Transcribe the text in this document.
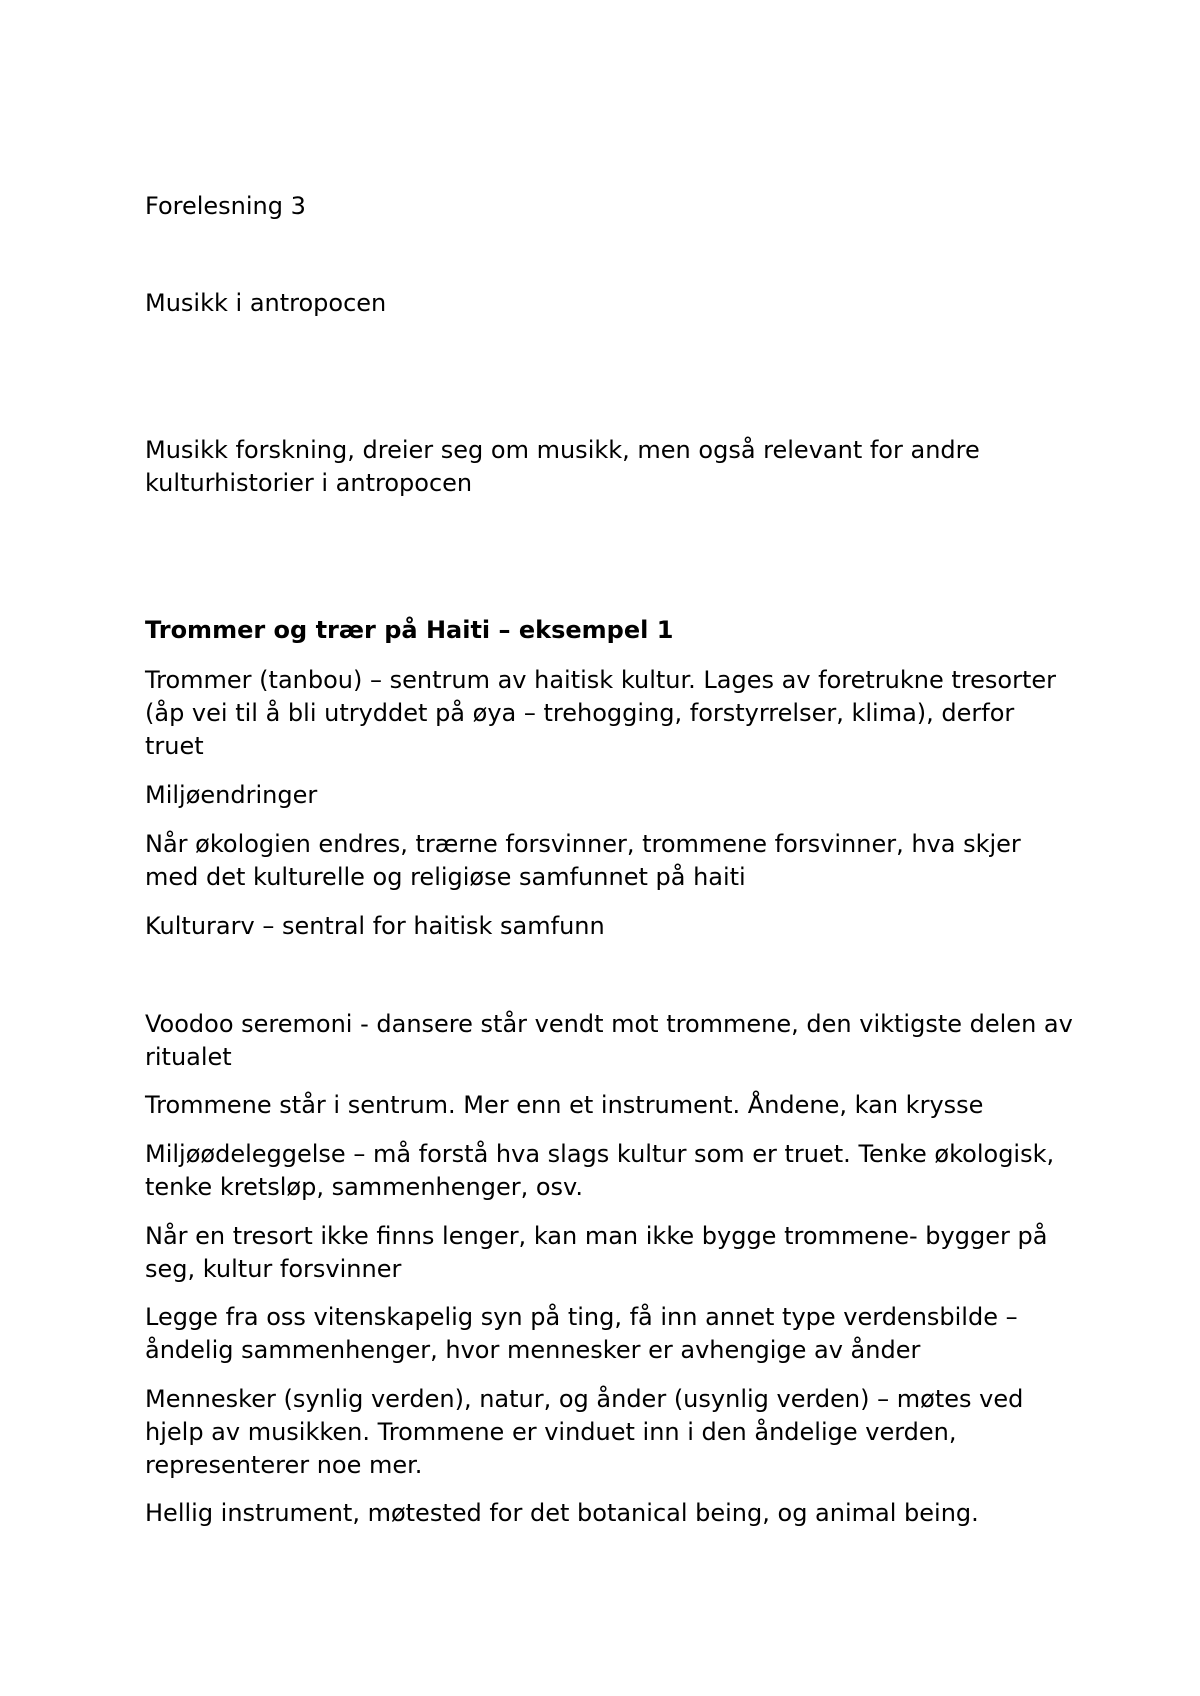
Forelesning 3

Musikk i antropocen

Musikk forskning, dreier seg om musikk, men også relevant for andre kulturhistorier i antropocen

Trommer og trær på Haiti – eksempel 1

Trommer (tanbou) – sentrum av haitisk kultur. Lages av foretrukne tresorter (åp vei til å bli utryddet på øya – trehogging, forstyrrelser, klima), derfor truet

Miljøendringer

Når økologien endres, trærne forsvinner, trommene forsvinner, hva skjer med det kulturelle og religiøse samfunnet på haiti

Kulturarv – sentral for haitisk samfunn

Voodoo seremoni - dansere står vendt mot trommene, den viktigste delen av ritualet

Trommene står i sentrum. Mer enn et instrument. Åndene, kan krysse

Miljøødeleggelse – må forstå hva slags kultur som er truet. Tenke økologisk, tenke kretsløp, sammenhenger, osv.

Når en tresort ikke finns lenger, kan man ikke bygge trommene- bygger på seg, kultur forsvinner

Legge fra oss vitenskapelig syn på ting, få inn annet type verdensbilde – åndelig sammenhenger, hvor mennesker er avhengige av ånder

Mennesker (synlig verden), natur, og ånder (usynlig verden) – møtes ved hjelp av musikken. Trommene er vinduet inn i den åndelige verden, representerer noe mer.

Hellig instrument, møtested for det botanical being, og animal being.
